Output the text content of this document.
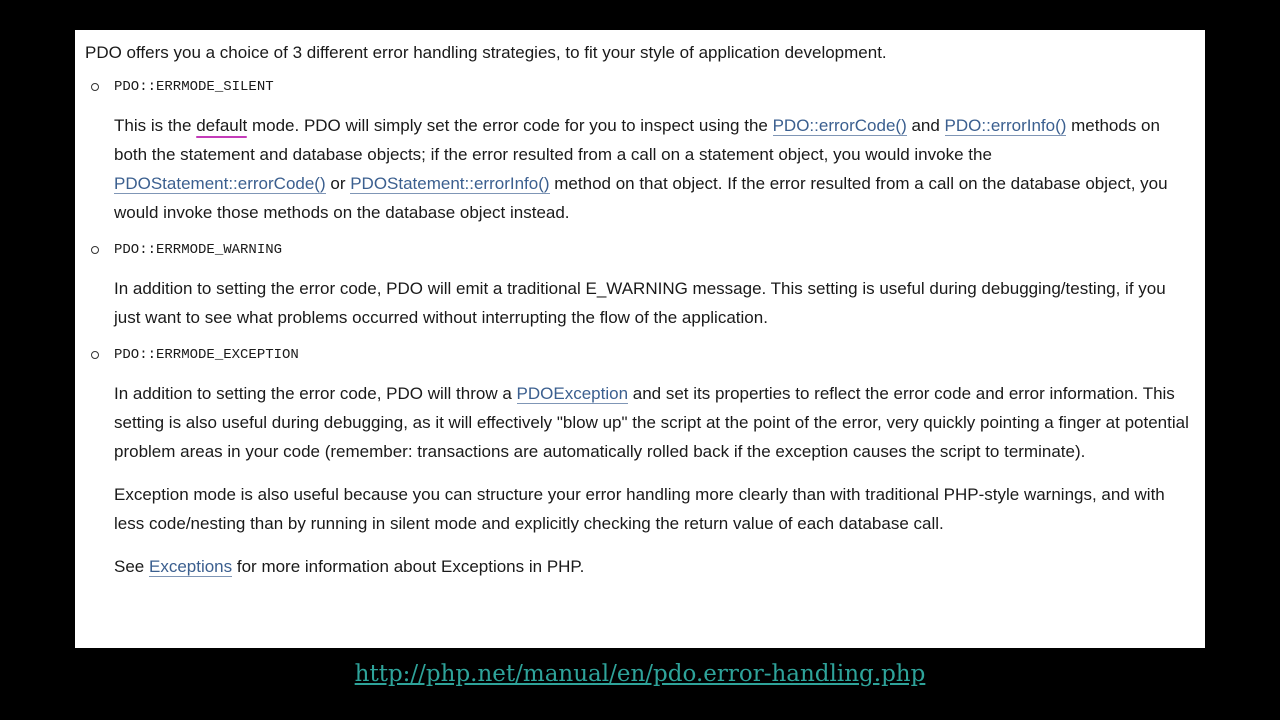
PDO offers you a choice of 3 different error handling strategies, to fit your style of application development.

PDO::ERRMODE_SILENT

This is the default mode. PDO will simply set the error code for you to inspect using the PDO::errorCode() and PDO::errorInfo() methods on both the statement and database objects; if the error resulted from a call on a statement object, you would invoke the PDOStatement::errorCode() or PDOStatement::errorInfo() method on that object. If the error resulted from a call on the database object, you would invoke those methods on the database object instead.

PDO::ERRMODE_WARNING

In addition to setting the error code, PDO will emit a traditional E_WARNING message. This setting is useful during debugging/testing, if you just want to see what problems occurred without interrupting the flow of the application.

PDO::ERRMODE_EXCEPTION

In addition to setting the error code, PDO will throw a PDOException and set its properties to reflect the error code and error information. This setting is also useful during debugging, as it will effectively "blow up" the script at the point of the error, very quickly pointing a finger at potential problem areas in your code (remember: transactions are automatically rolled back if the exception causes the script to terminate).

Exception mode is also useful because you can structure your error handling more clearly than with traditional PHP-style warnings, and with less code/nesting than by running in silent mode and explicitly checking the return value of each database call.

See Exceptions for more information about Exceptions in PHP.

http://php.net/manual/en/pdo.error-handling.php
